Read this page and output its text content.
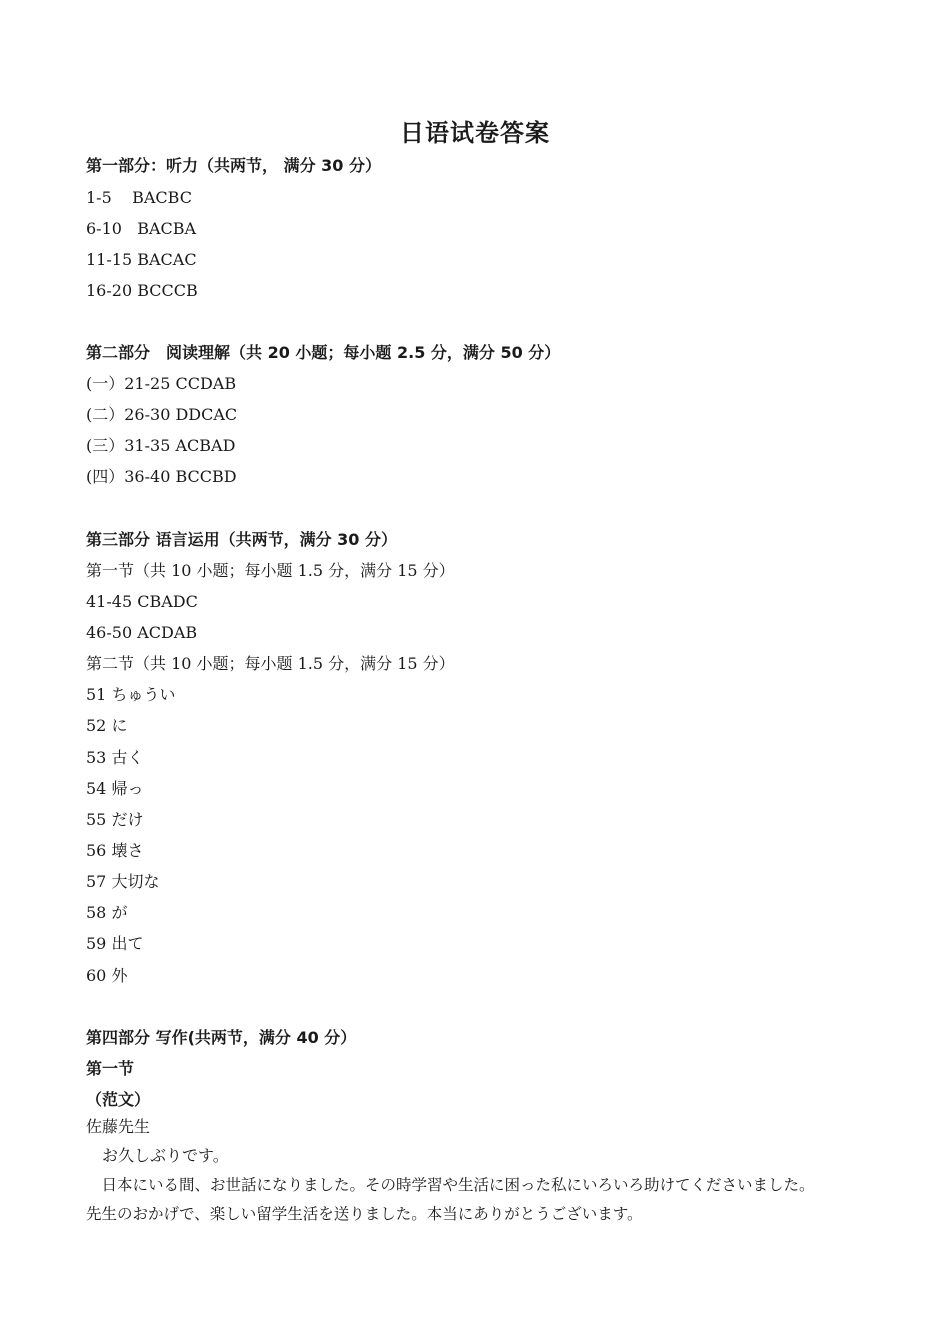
日语试卷答案
第一部分：听力（共两节， 满分 30 分）
1-5    BACBC
6-10   BACBA
11-15 BACAC
16-20 BCCCB
第二部分　阅读理解（共 20 小题；每小题 2.5 分，满分 50 分）
(一）21-25 CCDAB
(二）26-30 DDCAC
(三）31-35 ACBAD
(四）36-40 BCCBD
第三部分 语言运用（共两节，满分 30 分）
第一节（共 10 小题；每小题 1.5 分，满分 15 分）
41-45 CBADC
46-50 ACDAB
第二节（共 10 小题；每小题 1.5 分，满分 15 分）
51 ちゅうい
52 に
53 古く
54 帰っ
55 だけ
56 壊さ
57 大切な
58 が
59 出て
60 外
第四部分 写作(共两节，满分 40 分）
第一节
（范文）
佐藤先生
　お久しぶりです。
　日本にいる間、お世話になりました。その時学習や生活に困った私にいろいろ助けてくださいました。
先生のおかげで、楽しい留学生活を送りました。本当にありがとうございます。
